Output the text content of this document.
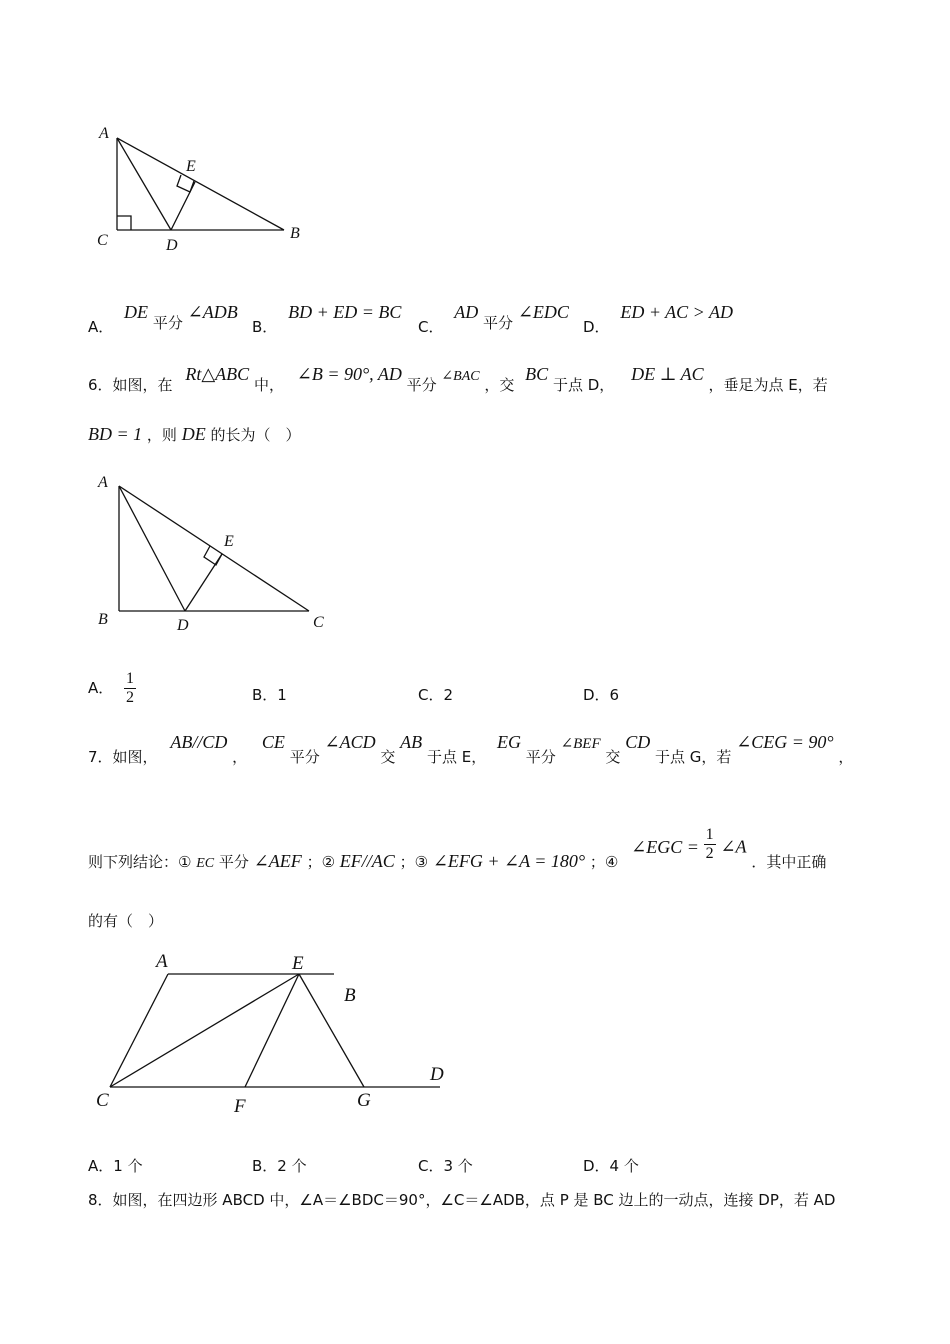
A
E
C	D
B
A． DE 平分 ∠ADB
B． BD + ED = BC
C． AD 平分 ∠EDC
D． ED + AC > AD
6．如图，在 Rt△ABC 中， ∠B = 90°, AD 平分 ∠BAC ，交 BC 于点 D， DE ⊥ AC ，垂足为点 E，若
BD = 1 ，则 DE 的长为（　）
A
E
B	D	C
A． $\frac{1}{2}$	B．1	C．2	D．6
7．如图， AB//CD ， CE 平分 ∠ACD 交 AB 于点 E， EG 平分 ∠BEF 交 CD 于点 G，若 ∠CEG = 90° ，
则下列结论：① EC 平分 ∠AEF ；② EF//AC ；③ ∠EFG + ∠A = 180° ；④ ∠EGC = $\frac{1}{2}$ ∠A ．其中正确
的有（　）
A	E
B
C	F	G
D
A．1 个	B．2 个	C．3 个	D．4 个
8．如图，在四边形 ABCD 中，∠A＝∠BDC＝90°，∠C＝∠ADB，点 P 是 BC 边上的一动点，连接 DP，若 AD
